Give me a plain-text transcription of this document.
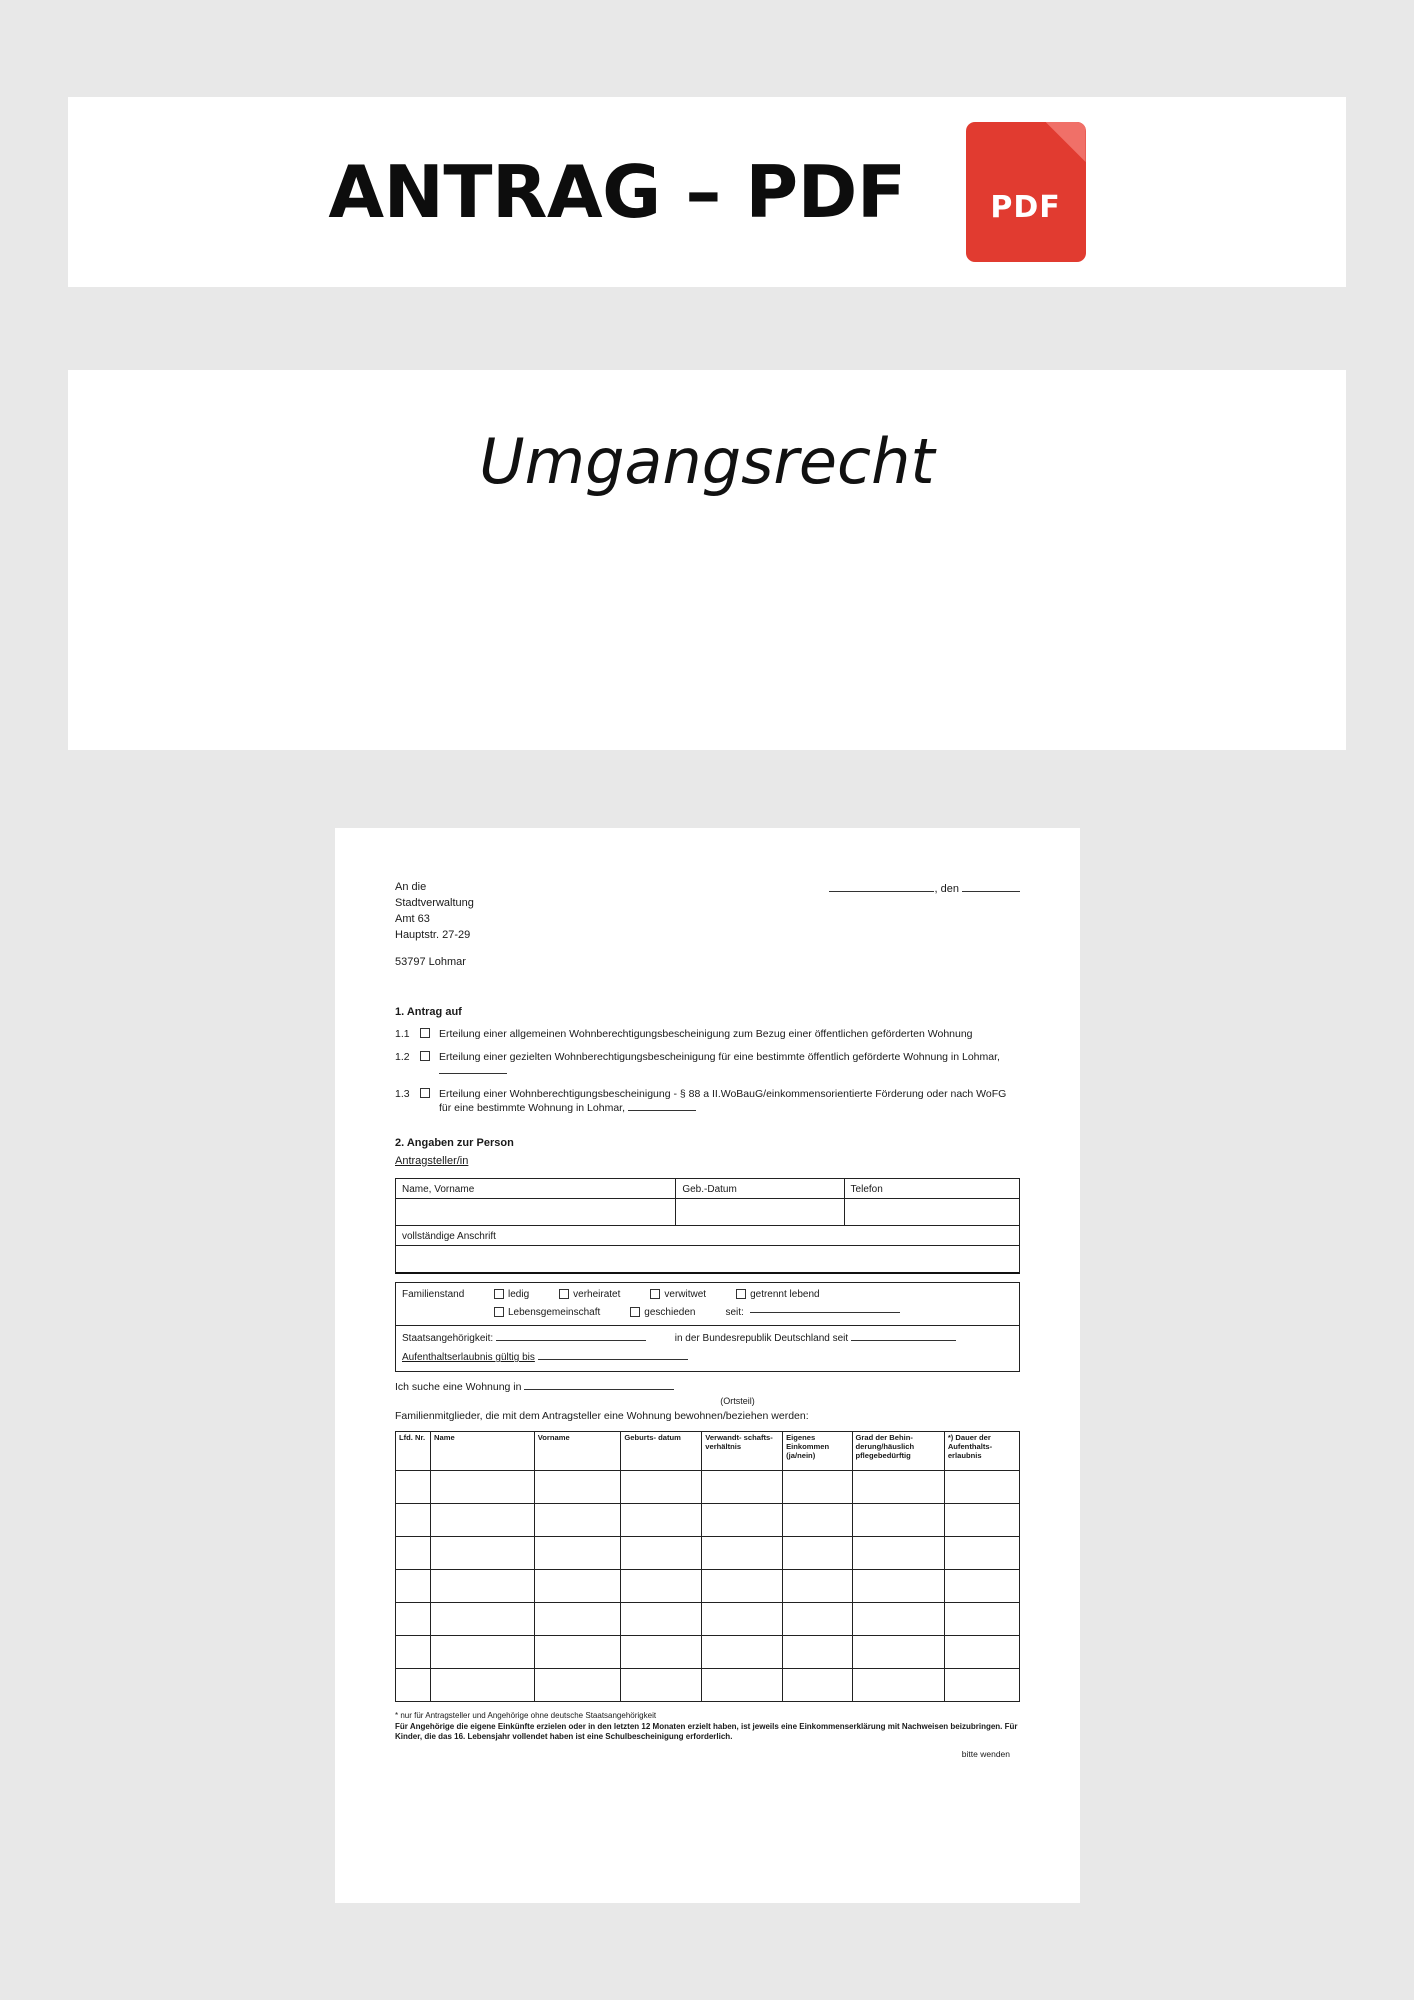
ANTRAG – PDF	PDF
Umgangsrecht
An die
Stadtverwaltung
Amt 63
Hauptstr. 27-29
53797 Lohmar
, den
1. Antrag auf
1.1	Erteilung einer allgemeinen Wohnberechtigungsbescheinigung zum Bezug einer öffentlichen geförderten Wohnung
1.2	Erteilung einer gezielten Wohnberechtigungsbescheinigung für eine bestimmte öffentlich geförderte Wohnung in Lohmar,
1.3	Erteilung einer Wohnberechtigungsbescheinigung - § 88 a II.WoBauG/einkommensorientierte Förderung oder nach WoFG für eine bestimmte Wohnung in Lohmar,
2. Angaben zur Person
Antragsteller/in
Name, Vorname	Geb.-Datum	Telefon
vollständige Anschrift
Familienstand	ledig	verheiratet	verwitwet	getrennt lebend
Lebensgemeinschaft	geschieden	seit:
Staatsangehörigkeit:	in der Bundesrepublik Deutschland seit
Aufenthaltserlaubnis gültig bis
Ich suche eine Wohnung in
(Ortsteil)
Familienmitglieder, die mit dem Antragsteller eine Wohnung bewohnen/beziehen werden:
Lfd. Nr.	Name	Vorname	Geburts- datum	Verwandt- schafts- verhältnis	Eigenes Einkommen (ja/nein)	Grad der Behin- derung/häuslich pflegebedürftig	*) Dauer der Aufenthalts- erlaubnis

* nur für Antragsteller und Angehörige ohne deutsche Staatsangehörigkeit
Für Angehörige die eigene Einkünfte erzielen oder in den letzten 12 Monaten erzielt haben, ist jeweils eine Einkommenserklärung mit Nachweisen beizubringen. Für Kinder, die das 16. Lebensjahr vollendet haben ist eine Schulbescheinigung erforderlich.
bitte wenden
